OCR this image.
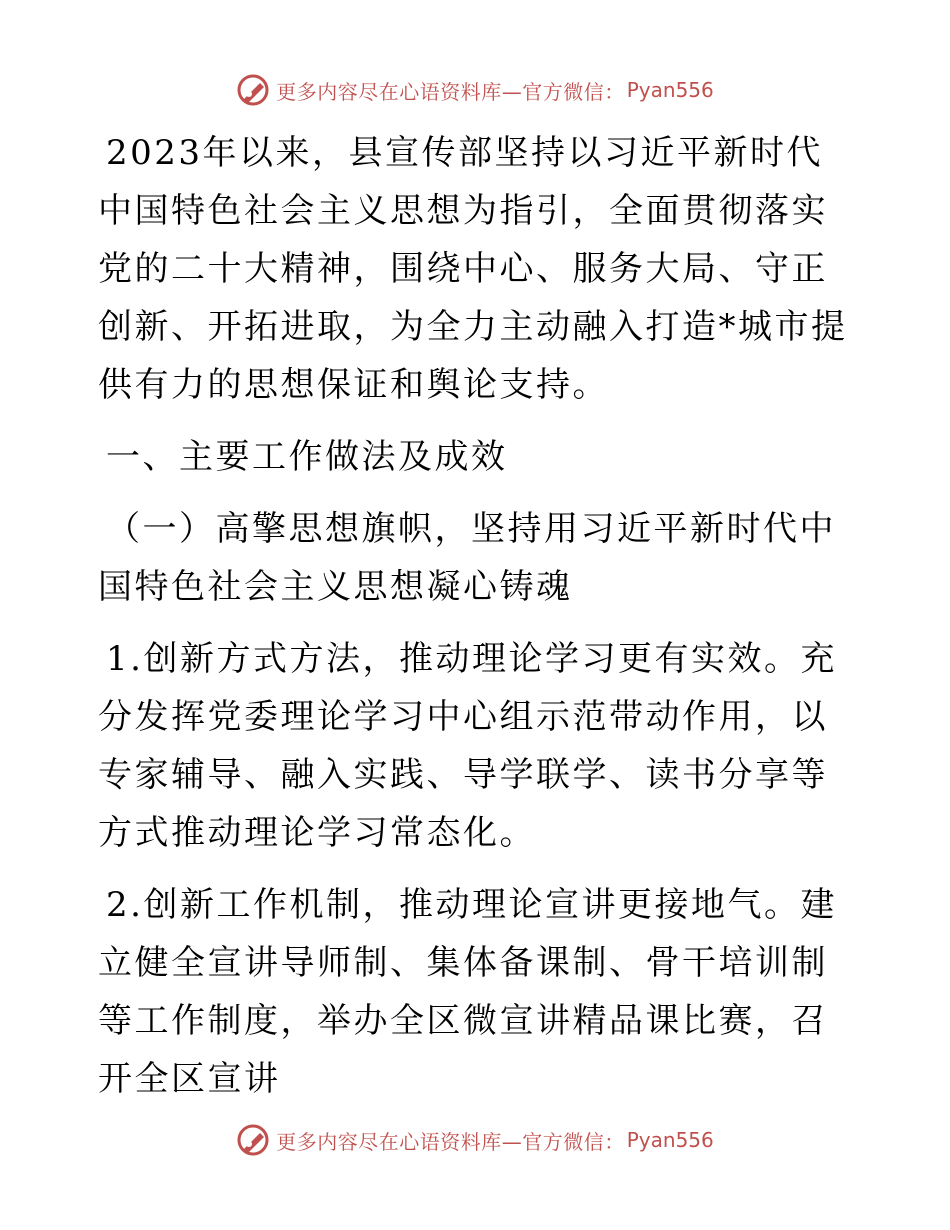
更多内容尽在心语资料库—官方微信： Pyan556

2023年以来，县宣传部坚持以习近平新时代中国特色社会主义思想为指引，全面贯彻落实党的二十大精神，围绕中心、服务大局、守正创新、开拓进取，为全力主动融入打造*城市提供有力的思想保证和舆论支持。

一、主要工作做法及成效

（一）高擎思想旗帜，坚持用习近平新时代中国特色社会主义思想凝心铸魂

1.创新方式方法，推动理论学习更有实效。充分发挥党委理论学习中心组示范带动作用，以专家辅导、融入实践、导学联学、读书分享等方式推动理论学习常态化。

2.创新工作机制，推动理论宣讲更接地气。建立健全宣讲导师制、集体备课制、骨干培训制等工作制度，举办全区微宣讲精品课比赛，召开全区宣讲

更多内容尽在心语资料库—官方微信： Pyan556
